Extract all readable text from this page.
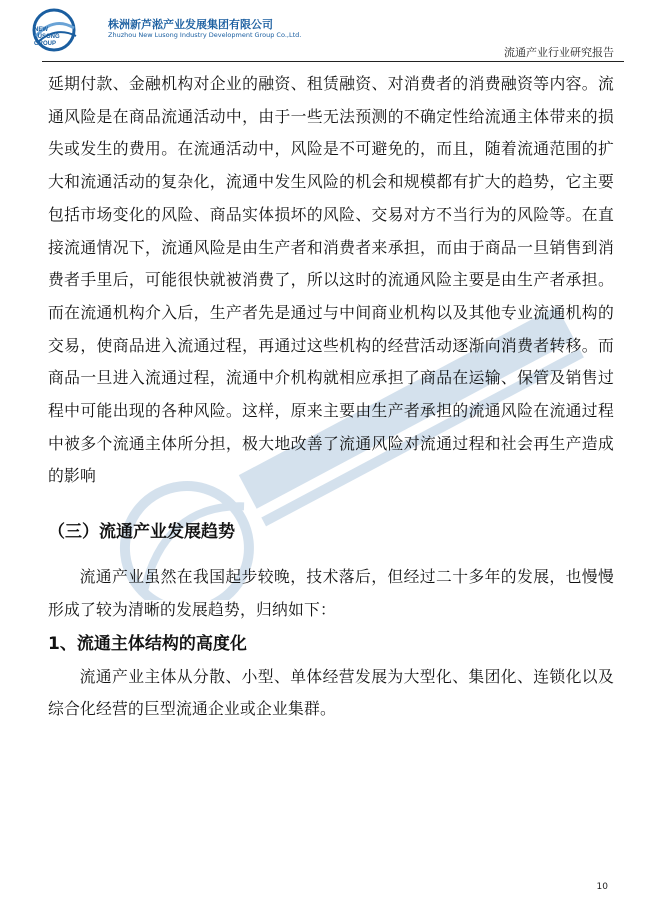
NEW
LUSONG
GROUP
株洲新芦淞产业发展集团有限公司
Zhuzhou New Lusong Industry Development Group Co.,Ltd.
流通产业行业研究报告

延期付款、金融机构对企业的融资、租赁融资、对消费者的消费融资等内容。流通风险是在商品流通活动中，由于一些无法预测的不确定性给流通主体带来的损失或发生的费用。在流通活动中，风险是不可避免的，而且，随着流通范围的扩大和流通活动的复杂化，流通中发生风险的机会和规模都有扩大的趋势，它主要包括市场变化的风险、商品实体损坏的风险、交易对方不当行为的风险等。在直接流通情况下，流通风险是由生产者和消费者来承担，而由于商品一旦销售到消费者手里后，可能很快就被消费了，所以这时的流通风险主要是由生产者承担。而在流通机构介入后，生产者先是通过与中间商业机构以及其他专业流通机构的交易，使商品进入流通过程，再通过这些机构的经营活动逐渐向消费者转移。而商品一旦进入流通过程，流通中介机构就相应承担了商品在运输、保管及销售过程中可能出现的各种风险。这样，原来主要由生产者承担的流通风险在流通过程中被多个流通主体所分担，极大地改善了流通风险对流通过程和社会再生产造成的影响

（三）流通产业发展趋势

流通产业虽然在我国起步较晚，技术落后，但经过二十多年的发展，也慢慢形成了较为清晰的发展趋势，归纳如下：

1、流通主体结构的高度化

流通产业主体从分散、小型、单体经营发展为大型化、集团化、连锁化以及综合化经营的巨型流通企业或企业集群。

10
